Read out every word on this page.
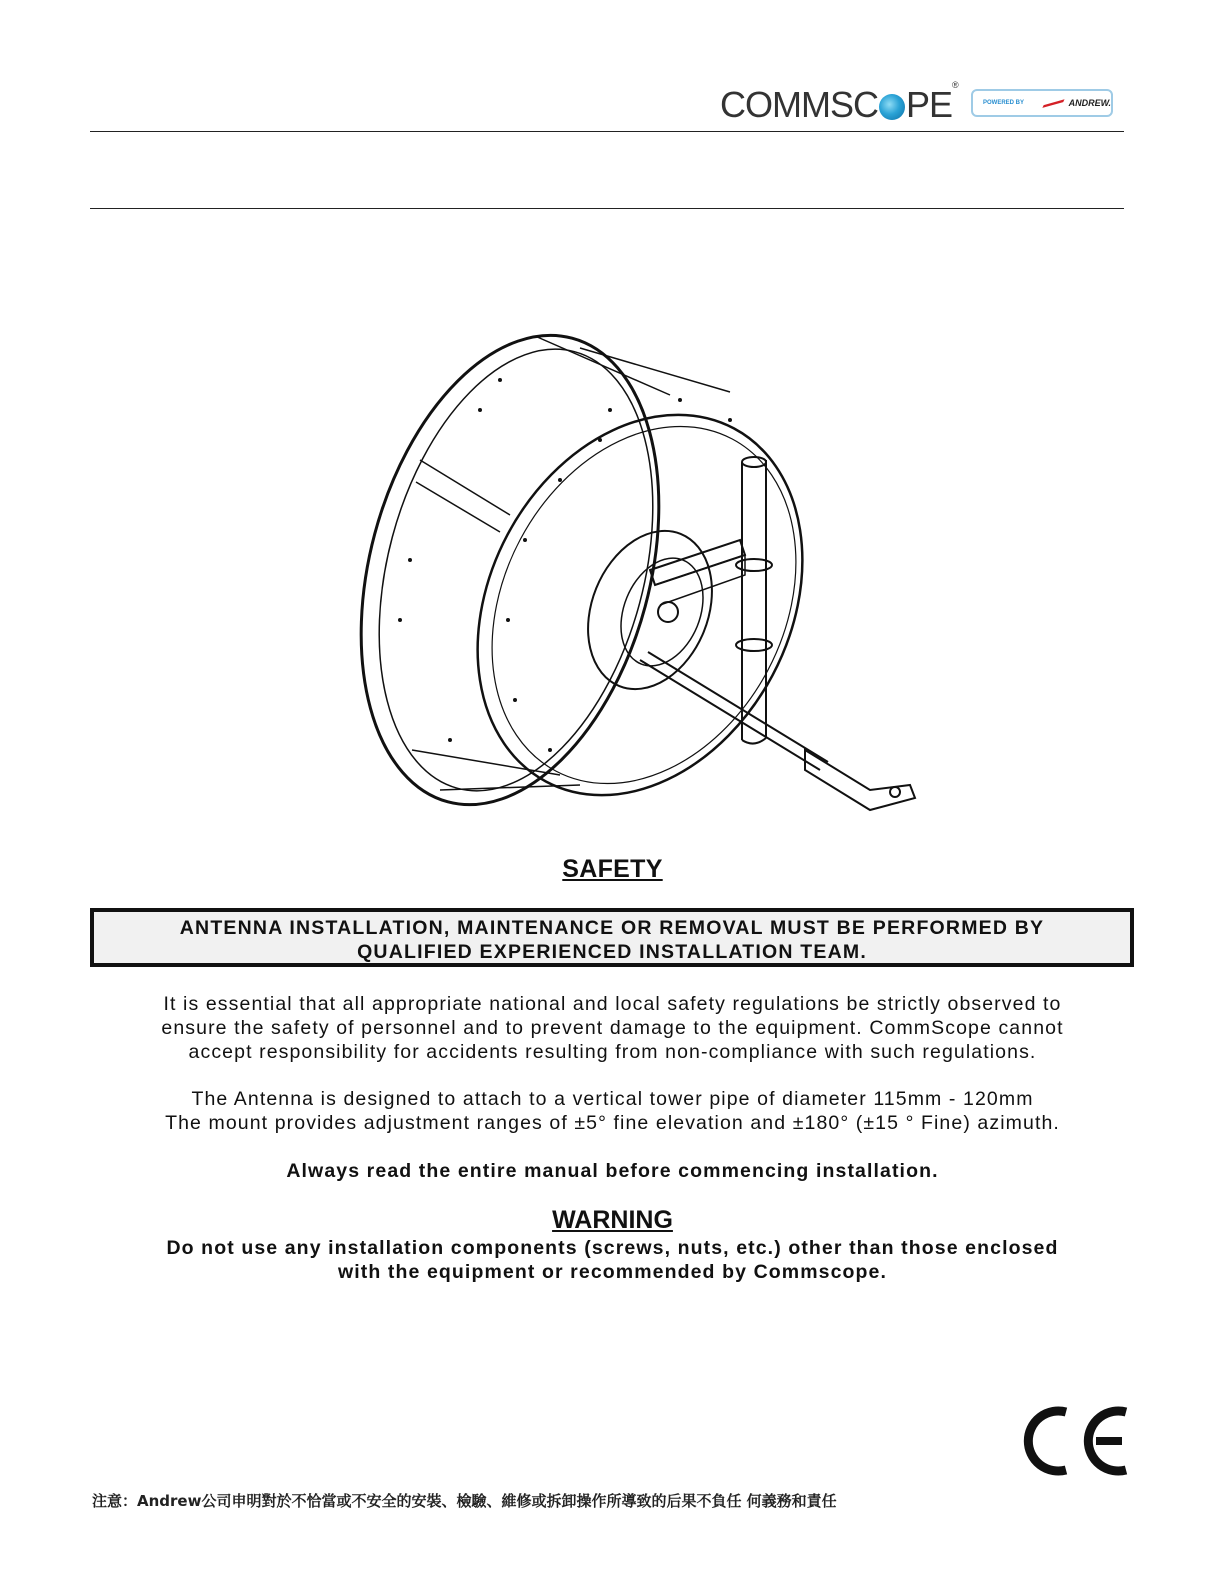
COMMSC PE®
POWERED BY	ANDREW.
SAFETY
ANTENNA INSTALLATION, MAINTENANCE OR REMOVAL MUST BE PERFORMED BY
QUALIFIED EXPERIENCED INSTALLATION TEAM.
It is essential that all appropriate national and local safety regulations be strictly observed to
ensure the safety of personnel and to prevent damage to the equipment. CommScope cannot
accept responsibility for accidents resulting from non-compliance with such regulations.
The Antenna is designed to attach to a vertical tower pipe of diameter 115mm - 120mm
The mount provides adjustment ranges of ±5° fine elevation and ±180° (±15 ° Fine) azimuth.
Always read the entire manual before commencing installation.
WARNING
Do not use any installation components (screws, nuts, etc.) other than those enclosed
with the equipment or recommended by Commscope.
注意：Andrew公司申明對於不恰當或不安全的安裝、檢驗、維修或拆卸操作所導致的后果不負任 何義務和責任
